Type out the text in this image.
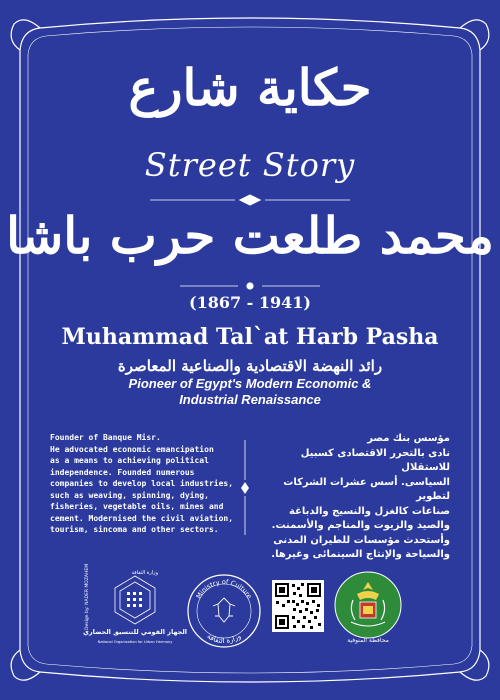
حكاية شارع
Street Story
محمد طلعت حرب باشا
(1867 - 1941)
Muhammad Tal`at Harb Pasha
رائد النهضة الاقتصادية والصناعية المعاصرة
Pioneer of Egypt's Modern Economic &
Industrial Renaissance
Founder of Banque Misr.
He advocated economic emancipation
as a means to achieving political
independence. Founded numerous
companies to develop local industries,
such as weaving, spinning, dying,
fisheries, vegetable oils, mines and
cement. Modernised the civil aviation,
tourism, sincoma and other sectors.
مؤسس بنك مصر
نادى بالتحرر الاقتصادى كسبيل للاستقلال
السياسى. أسس عشرات الشركات لتطوير
صناعات كالغزل والنسيج والدباغة
والصيد والزيوت والمناجم والأسمنت.
وأستحدث مؤسسات للطيران المدنى
والسياحة والإنتاج السينمائى وغيرها.
Design by: NADER MOZAHEM	وزارة الثقافة
الجهاز القومي للتنسيق الحضاري
National Organization for Urban Harmony
Ministry of Culture
وزارة الثقافة	محافظة المنوفية
